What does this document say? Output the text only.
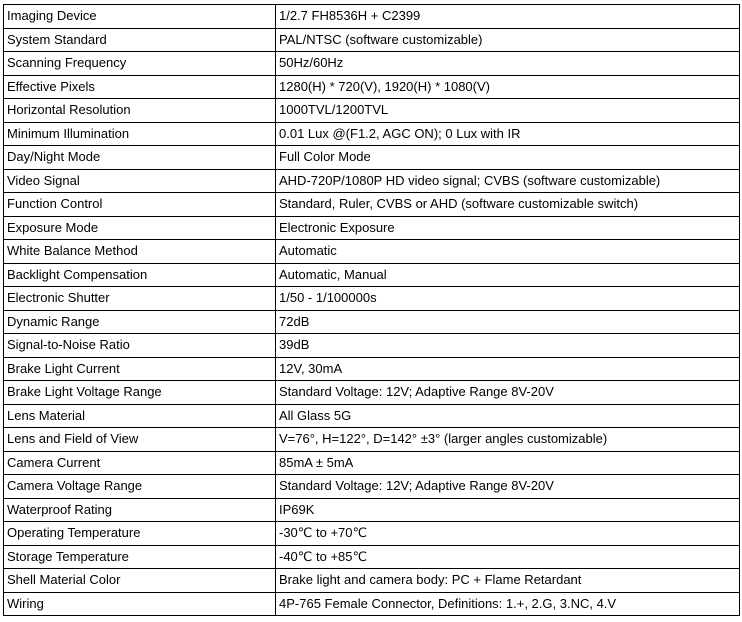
Imaging Device	1/2.7 FH8536H + C2399
System Standard	PAL/NTSC (software customizable)
Scanning Frequency	50Hz/60Hz
Effective Pixels	1280(H) * 720(V), 1920(H) * 1080(V)
Horizontal Resolution	1000TVL/1200TVL
Minimum Illumination	0.01 Lux @(F1.2, AGC ON); 0 Lux with IR
Day/Night Mode	Full Color Mode
Video Signal	AHD-720P/1080P HD video signal; CVBS (software customizable)
Function Control	Standard, Ruler, CVBS or AHD (software customizable switch)
Exposure Mode	Electronic Exposure
White Balance Method	Automatic
Backlight Compensation	Automatic, Manual
Electronic Shutter	1/50 - 1/100000s
Dynamic Range	72dB
Signal-to-Noise Ratio	39dB
Brake Light Current	12V, 30mA
Brake Light Voltage Range	Standard Voltage: 12V; Adaptive Range 8V-20V
Lens Material	All Glass 5G
Lens and Field of View	V=76°, H=122°, D=142° ±3° (larger angles customizable)
Camera Current	85mA ± 5mA
Camera Voltage Range	Standard Voltage: 12V; Adaptive Range 8V-20V
Waterproof Rating	IP69K
Operating Temperature	-30℃ to +70℃
Storage Temperature	-40℃ to +85℃
Shell Material Color	Brake light and camera body: PC + Flame Retardant
Wiring	4P-765 Female Connector, Definitions: 1.+, 2.G, 3.NC, 4.V
